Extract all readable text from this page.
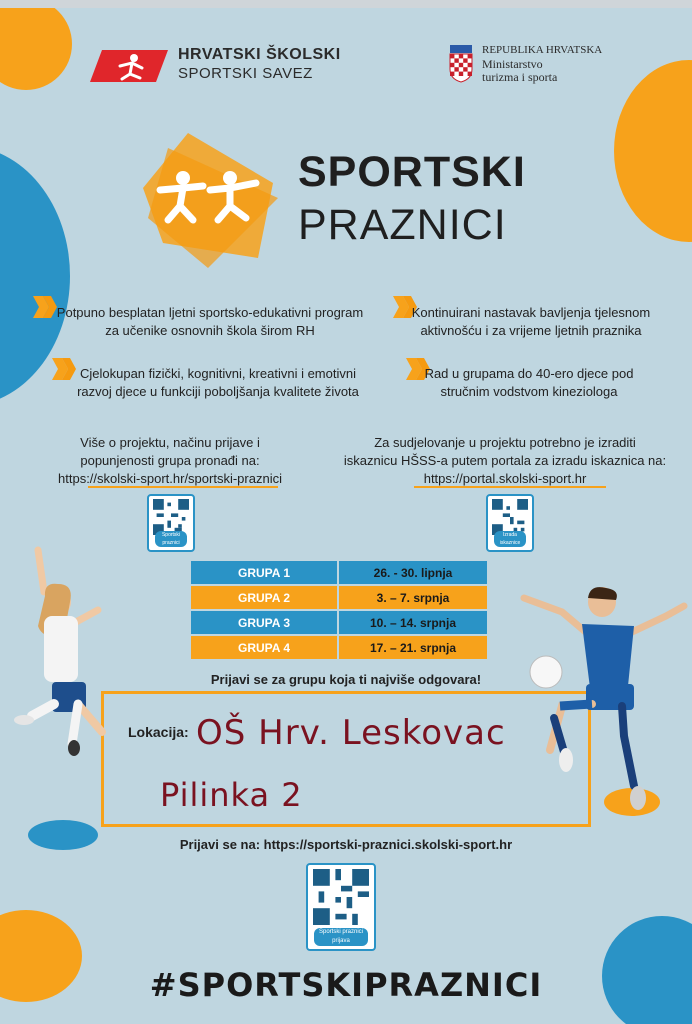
HRVATSKI ŠKOLSKI
SPORTSKI SAVEZ
REPUBLIKA HRVATSKA
Ministarstvo
turizma i sporta
SPORTSKI
PRAZNICI
Potpuno besplatan ljetni sportsko-edukativni program
za učenike osnovnih škola širom RH
Kontinuirani nastavak bavljenja tjelesnom
aktivnošću i za vrijeme ljetnih praznika
Cjelokupan fizički, kognitivni, kreativni i emotivni
razvoj djece u funkciji poboljšanja kvalitete života
Rad u grupama do 40-ero djece pod
stručnim vodstvom kineziologa
Više o projektu, načinu prijave i
popunjenosti grupa pronađi na:
https://skolski-sport.hr/sportski-praznici
Za sudjelovanje u projektu potrebno je izraditi
iskaznicu HŠSS-a putem portala za izradu iskaznica na:
https://portal.skolski-sport.hr
Sportski praznici
Izrada iskaznice
GRUPA 1	26. - 30. lipnja
GRUPA 2	3. – 7. srpnja
GRUPA 3	10. – 14. srpnja
GRUPA 4	17. – 21. srpnja
Prijavi se za grupu koja ti najviše odgovara!
Lokacija: OŠ Hrv. Leskovac
Pilinka 2
Prijavi se na: https://sportski-praznici.skolski-sport.hr
Sportski praznici prijava
#SPORTSKIPRAZNICI
